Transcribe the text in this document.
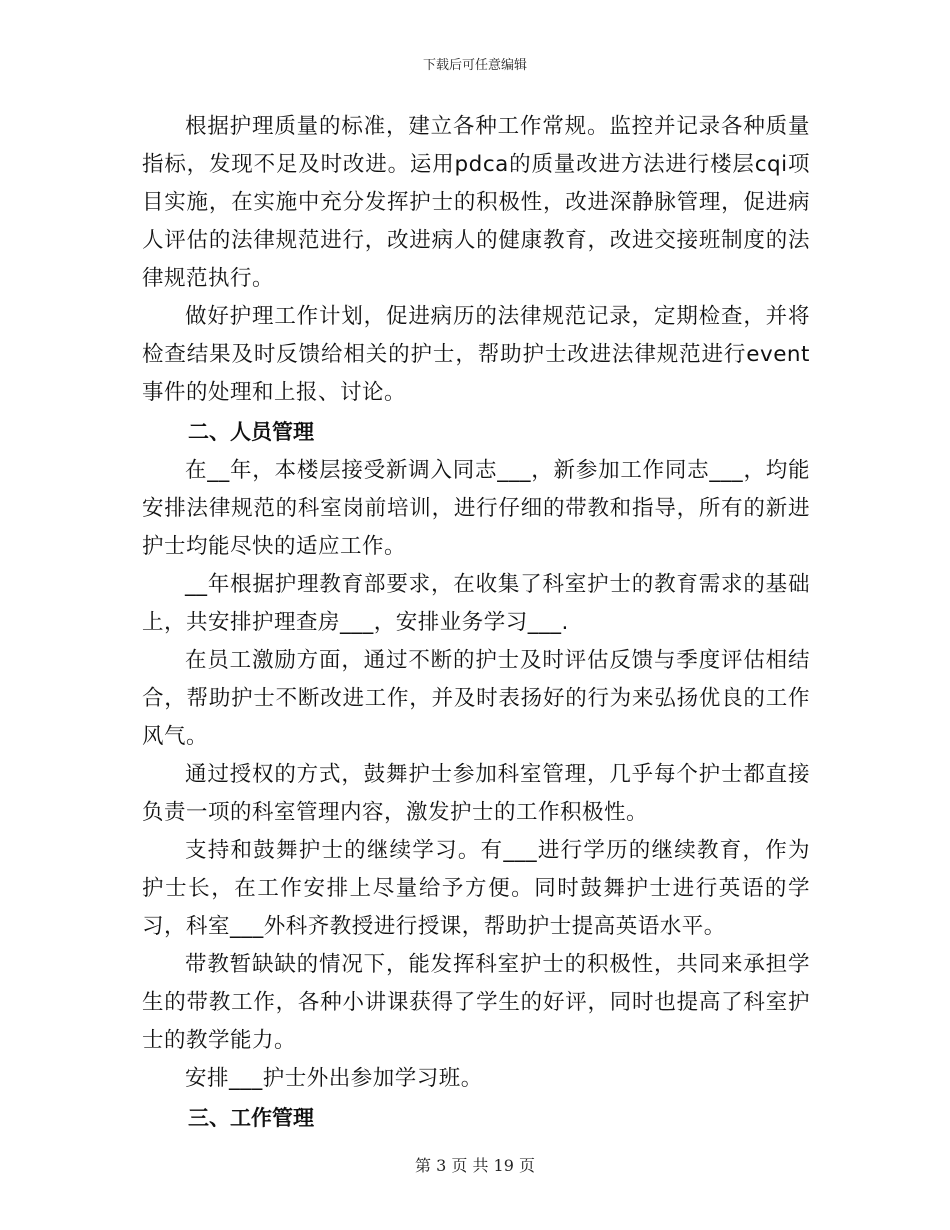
下载后可任意编辑

根据护理质量的标准，建立各种工作常规。监控并记录各种质量指标，发现不足及时改进。运用pdca的质量改进方法进行楼层cqi项目实施，在实施中充分发挥护士的积极性，改进深静脉管理，促进病人评估的法律规范进行，改进病人的健康教育，改进交接班制度的法律规范执行。

做好护理工作计划，促进病历的法律规范记录，定期检查，并将检查结果及时反馈给相关的护士，帮助护士改进法律规范进行event事件的处理和上报、讨论。

二、人员管理

在__年，本楼层接受新调入同志___，新参加工作同志___，均能安排法律规范的科室岗前培训，进行仔细的带教和指导，所有的新进护士均能尽快的适应工作。

__年根据护理教育部要求，在收集了科室护士的教育需求的基础上，共安排护理查房___，安排业务学习___.

在员工激励方面，通过不断的护士及时评估反馈与季度评估相结合，帮助护士不断改进工作，并及时表扬好的行为来弘扬优良的工作风气。

通过授权的方式，鼓舞护士参加科室管理，几乎每个护士都直接负责一项的科室管理内容，激发护士的工作积极性。

支持和鼓舞护士的继续学习。有___进行学历的继续教育，作为护士长，在工作安排上尽量给予方便。同时鼓舞护士进行英语的学习，科室___外科齐教授进行授课，帮助护士提高英语水平。

带教暂缺缺的情况下，能发挥科室护士的积极性，共同来承担学生的带教工作，各种小讲课获得了学生的好评，同时也提高了科室护士的教学能力。

安排___护士外出参加学习班。

三、工作管理

第 3 页 共 19 页
